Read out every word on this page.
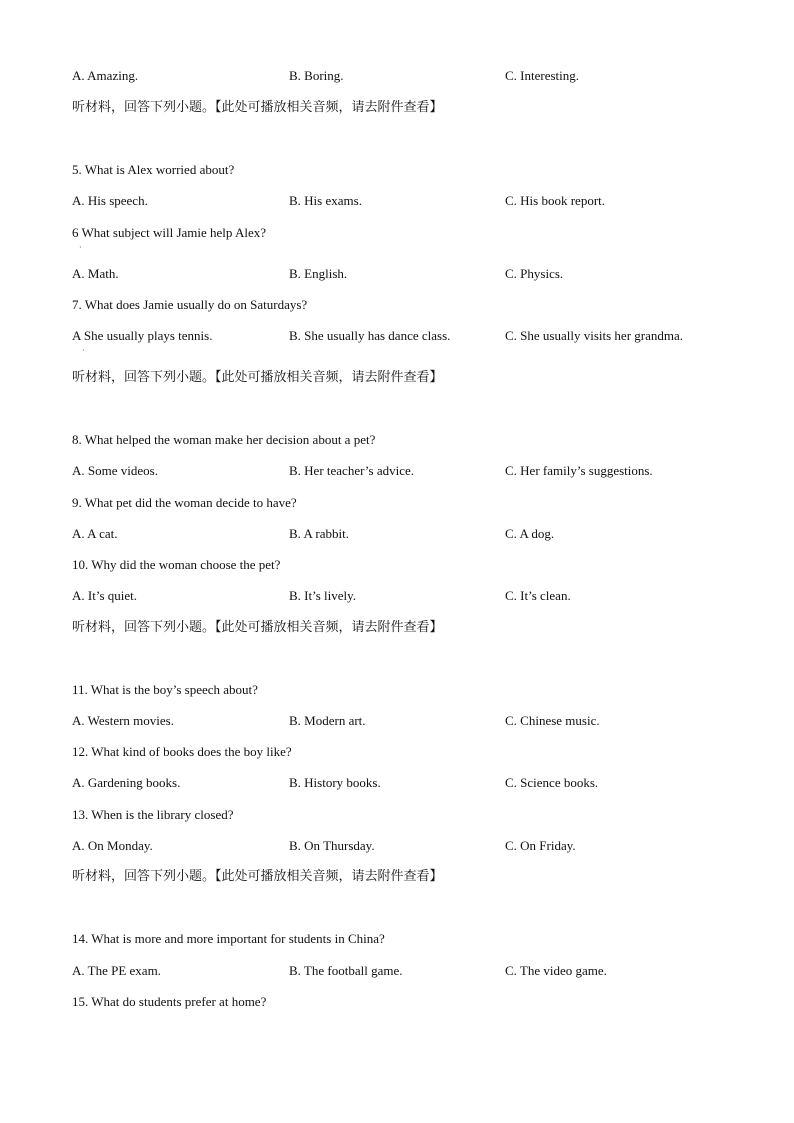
A. Amazing.	B. Boring.	C. Interesting.
听材料，回答下列小题。【此处可播放相关音频，请去附件查看】
5. What is Alex worried about?
A. His speech.	B. His exams.	C. His book report.
6 What subject will Jamie help Alex?
A. Math.	B. English.	C. Physics.
7. What does Jamie usually do on Saturdays?
A She usually plays tennis.	B. She usually has dance class.	C. She usually visits her grandma.
听材料，回答下列小题。【此处可播放相关音频，请去附件查看】
8. What helped the woman make her decision about a pet?
A. Some videos.	B. Her teacher’s advice.	C. Her family’s suggestions.
9. What pet did the woman decide to have?
A. A cat.	B. A rabbit.	C. A dog.
10. Why did the woman choose the pet?
A. It’s quiet.	B. It’s lively.	C. It’s clean.
听材料，回答下列小题。【此处可播放相关音频，请去附件查看】
11. What is the boy’s speech about?
A. Western movies.	B. Modern art.	C. Chinese music.
12. What kind of books does the boy like?
A. Gardening books.	B. History books.	C. Science books.
13. When is the library closed?
A. On Monday.	B. On Thursday.	C. On Friday.
听材料，回答下列小题。【此处可播放相关音频，请去附件查看】
14. What is more and more important for students in China?
A. The PE exam.	B. The football game.	C. The video game.
15. What do students prefer at home?
·
·
